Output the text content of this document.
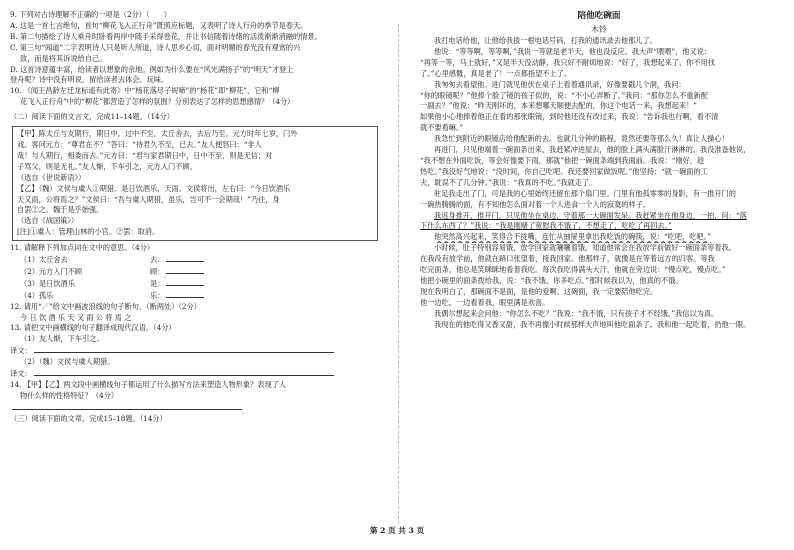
9. 下列对古诗理解不正确的一项是（2分）（　　）
A. 这是一首七言绝句，首句“柳花飞入正行舟”既照应标题，又表明了诗人行舟的季节是春天。
B. 第二句描绘了诗人乘舟时卧看两岸中随手采得卷花，并让书信随着诗绪的活泼渐渐消融的情景。
C. 第三句“闻道”二字表明诗人只是听人所道，诗人思乡心切，面对明媚的春光没有观赏的兴
致，而是将其诉说给自己。
D. 这首诗意蕴丰富，给读者以想象的余地。例如为什么要在“风光满扬子”的“明天”才登上
登舟呢？诗中没有明说，留给读者去体会、玩味。
10. 《闻王昌龄左迁龙标遥有此寄》中“杨花落尽子规啼”的“杨花”即“柳花”，它和“柳
花飞入正行舟”中的“柳花”都营造了怎样的氛围？分别表达了怎样的思想感情？（4分）
（二）阅读下面的文言文，完成11–14题。（14分）
【甲】陈太丘与友期行，期日中。过中不至，太丘舍去，去后乃至。元方时年七岁，门外
戏。客问元方：“尊君在不？”答曰：“待君久不至，已去。”友人便怒曰：“非人
哉！与人期行，相委而去。”元方曰：“君与家君期日中，日中不至，则是无信；对
子骂父，则是无礼。”友人惭，下车引之，元方入门不顾。
（选自《世说新语》）
【乙】（魏）文侯与虞人①期猎。是日饮酒乐，天雨。文侯将出，左右曰：“今日饮酒乐
天又雨，公将焉之？”文侯曰：“吾与虞人期猎，虽乐，岂可不一会期哉！”乃往，身
自罢②之。魏于是乎始强。
（选自《战国策》）
[注]①虞人：管理山林的小官。②罢：取消。
11. 请解释下列加点词在文中的意思。（4分）
（1）太丘舍去	去：
（2）元方入门不顾	顾：
（3）是日饮酒乐	是：
（4）孤乐	乐：
12. 请用“／”给文中画波浪线的句子断句。（断两处）（2分）
今 日 饮 酒 乐 天 又 雨 公 将 焉 之
13. 请把文中画横线的句子翻译成现代汉语。（4分）
（1）友人惭，下车引之。
译文：
（2）（魏）文侯与虞人期猎。
译文：
14. 【甲】【乙】两文段中画横线句子都运用了什么描写方法来塑造人物形象？表现了人
物什么样的性格特征？（4分）
（三）阅读下面的文章，完成15–18题。（14分）
陪他吃碗面
木铃
我打电话给他，让他给我拔一根电话号码，打我的通讯录去他那儿了。
他说：“等等啊，等等啊，”我说一等就是老半天，他也没反应。我大声“喂喂”，他又说：
“再等一等，马上就好，”又是半天没动静，我只好不耐烦地说：“好了，我想起来了，你不用找
了。”心里感慨，真是老了！一点都指望不上了。
我匆匆去看望他。进门就见他伏在桌子上看着通讯录，好像要戳几个洞，我问：
“你的眼镜呢？”他捧个脸了镜的孩子似的，说：“不小心弄断了。”我问：“那你怎么不重新配
一副去？”他说：“昨天刚坏的，本来想哪天顺便去配的，你这个电话一来，我想起来！”
如果他小心地捧着他正在看的那张眼镜，到时他还没有改过来，我说：“告诉我也行啊，看不清
就不要看嘛。”
我急忙到附近的眼镜店给他配新的去。也就几分钟的路程，竟然还要等那么久！真让人操心！
再进门，只见他端着一碗面条出来，我赶紧冲进屋去，他的脸上满头满脸汗淋淋的。我没准备他说，
“我不想在外面吃饭，等会好像要下雨，那就”他把一碗面条端到我面前。我说：“刚好，趁
热吃。”我没好气地说：“没时间，你自己吃吧。我还要回家做饭呢。”他坚持：“就一碗面的工
夫，耽误不了几分钟。”我说：“我真的不吃。”我就走了。
驻足我走出了门，可是我的心里始终还留在那个扇门里。门里有他孤零零的身影，有一推开门的
一碗热腾腾的面，有不知他怎么面对着一个人进食一个人的寂寞的样子。
我返身推开，推开门，只见他坐在桌边，守着那一大碗面发呆。我赶紧坐在他身边，一拍，问：“落
下什么东西了？”我说：“我是刚赌了宽慰我不饿了，不想走了，吃吃了再回去。”
他突然高兴起来，笑得合不拢嘴，连忙从抽屉里拿出我吃饭的碗筷，说：“吃吧，吃吧。”
小时候，肚子特别容易饿，放学回家就嚷嚷着饿，知道他常会在我放学前做好一碗面条等着我。
在我没有放学前，他就在路口张望着，接我回家。他那样子，就像是在等着远方的归客。等我
吃完面条，他总是笑眯眯地看着我吃。每次我吃得满头大汗，他就在旁边说：“慢点吃，慢点吃。”
他把小碗里的面条拨给我，说：“我不饿，你多吃点。”那时候我以为，他真的不饿。
现在我明白了，那碗面不是面，是他的爱啊。这碗面，我一定要陪他吃完。
他一边吃，一边看着我，眼里满是欢喜。
我偶尔想起来会问他：“你怎么不吃？”我说：“我不饿，只有孩子才不经饿。”我信以为真。
我现在的他吃得又香又甜，我不再像小时候那样大声地叫他吃面条了。我和他一起吃着，扔他一眼。
第 2 页 共 3 页
